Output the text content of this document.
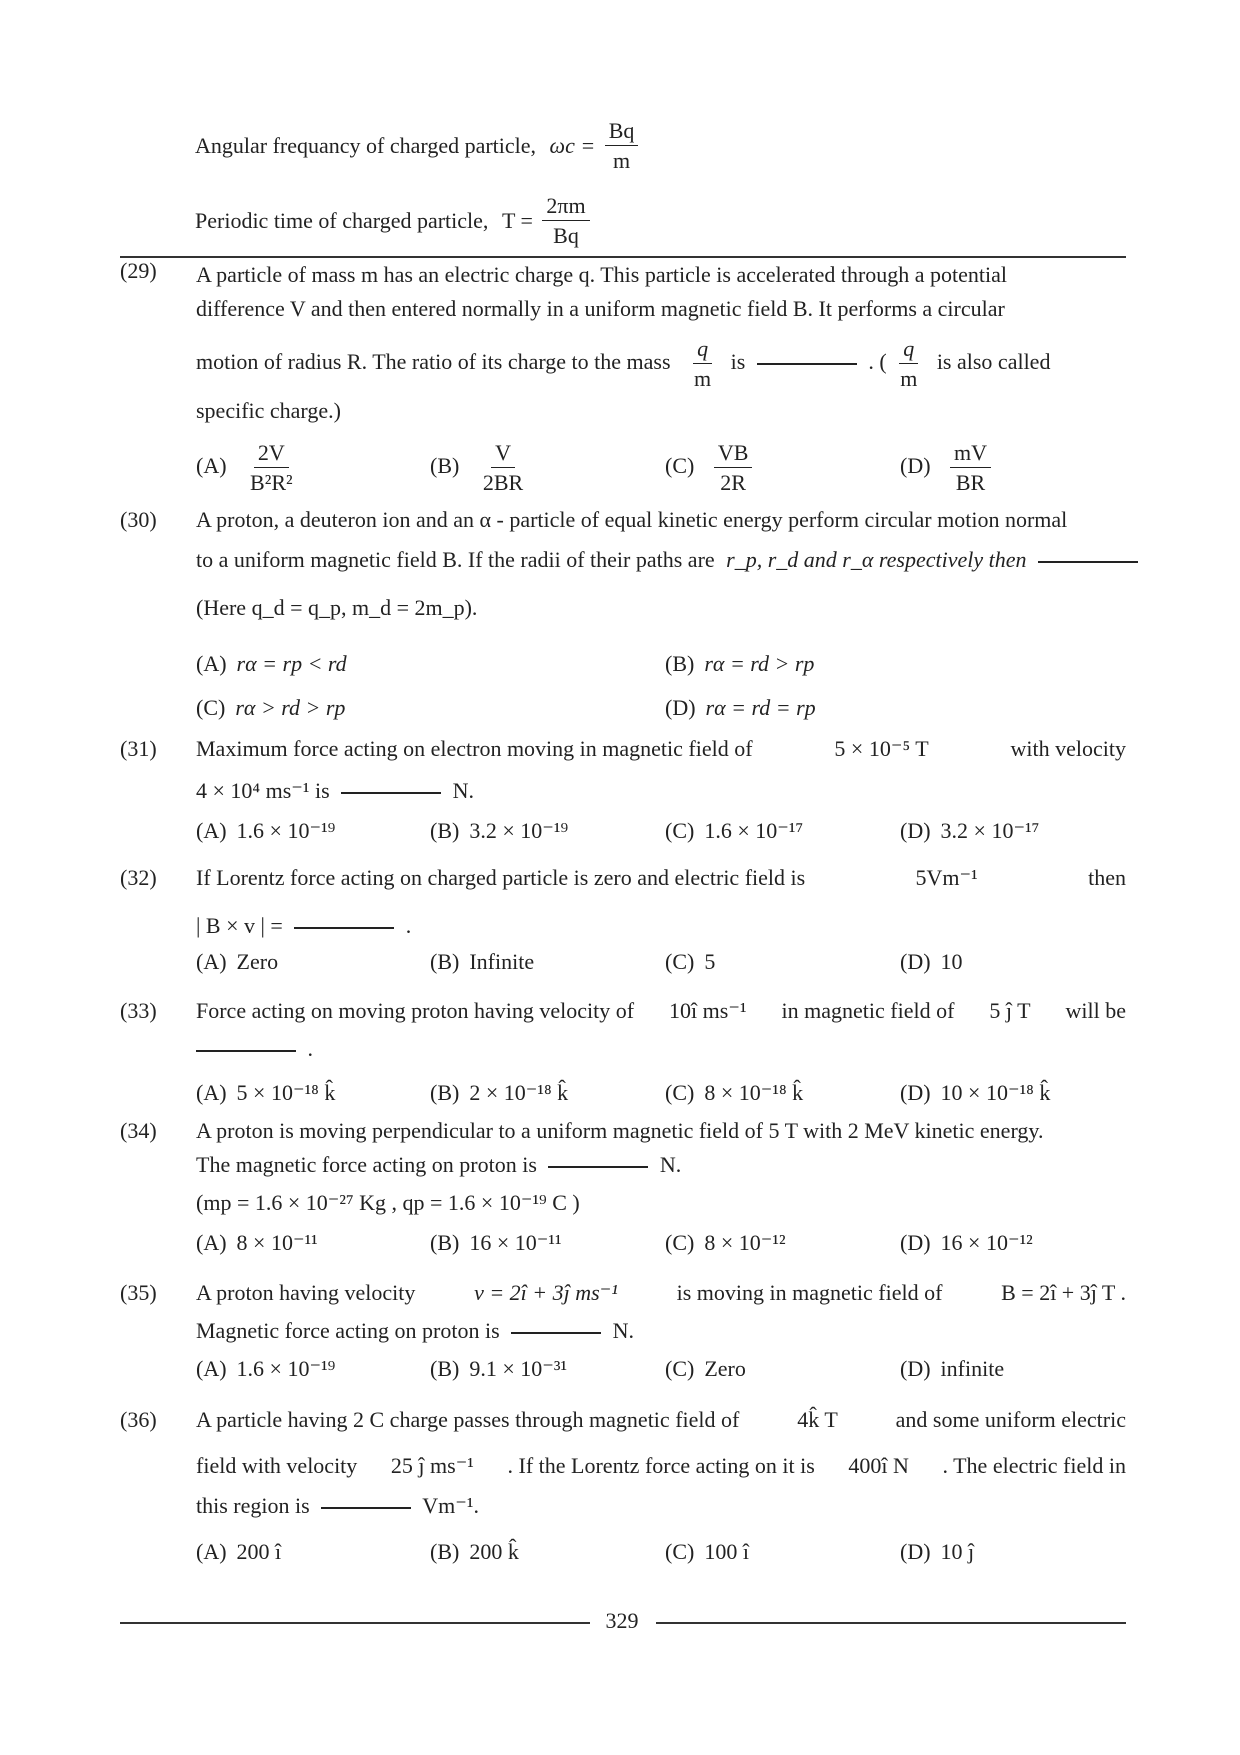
Angular frequancy of charged particle, $\omega c = \frac{Bq}{m}$
Periodic time of charged particle, $T = \frac{2\pi m}{Bq}$
(29) A particle of mass m has an electric charge q. This particle is accelerated through a potential
difference V and then entered normally in a uniform magnetic field B. It performs a circular
motion of radius R. The ratio of its charge to the mass $\frac{q}{m}$ is	. ( $\frac{q}{m}$ is also called
specific charge.)
$(A) \frac{2V}{\text{B²R²}}$	$(B) \frac{V}{2BR}$	$(C) \frac{VB}{2R}$	$(D) \frac{mV}{BR}$
(30) A proton, a deuteron ion and an α - particle of equal kinetic energy perform circular motion normal
to a uniform magnetic field B. If the radii of their paths are r_p, r_d and r_α respectively then
(Here q_d = q_p, m_d = 2m_p).
(A) rα = rp < rd	(B) rα = rd > rp
(C) rα > rd > rp	(D) rα = rd = rp
(31) Maximum force acting on electron moving in magnetic field of	5 × 10⁻⁵ T	with velocity
4 × 10⁴ ms⁻¹ is	N.
(A) 1.6 × 10⁻¹⁹	(B) 3.2 × 10⁻¹⁹	(C) 1.6 × 10⁻¹⁷	(D) 3.2 × 10⁻¹⁷
(32) If Lorentz force acting on charged particle is zero and electric field is	5Vm⁻¹	then
| B × v | =	.
(A) Zero	(B) Infinite	(C) 5	(D) 10
(33) Force acting on moving proton having velocity of 10î ms⁻¹ in magnetic field of 5 ĵ T will be
.
(A) 5 × 10⁻¹⁸ k̂	(B) 2 × 10⁻¹⁸ k̂	(C) 8 × 10⁻¹⁸ k̂	(D) 10 × 10⁻¹⁸ k̂
(34) A proton is moving perpendicular to a uniform magnetic field of 5 T with 2 MeV kinetic energy.
The magnetic force acting on proton is	N.
(mp = 1.6 × 10⁻²⁷ Kg , qp = 1.6 × 10⁻¹⁹ C )
(A) 8 × 10⁻¹¹	(B) 16 × 10⁻¹¹	(C) 8 × 10⁻¹²	(D) 16 × 10⁻¹²
(35) A proton having velocity	v = 2î + 3ĵ ms⁻¹	is moving in magnetic field of	B = 2î + 3ĵ T .
Magnetic force acting on proton is	N.
(A) 1.6 × 10⁻¹⁹	(B) 9.1 × 10⁻³¹	(C) Zero	(D) infinite
(36) A particle having 2 C charge passes through magnetic field of	4k̂ T	and some uniform electric
field with velocity 25 ĵ ms⁻¹ . If the Lorentz force acting on it is 400î N . The electric field in
this region is	Vm⁻¹.
(A) 200 î	(B) 200 k̂	(C) 100 î	(D) 10 ĵ
329
